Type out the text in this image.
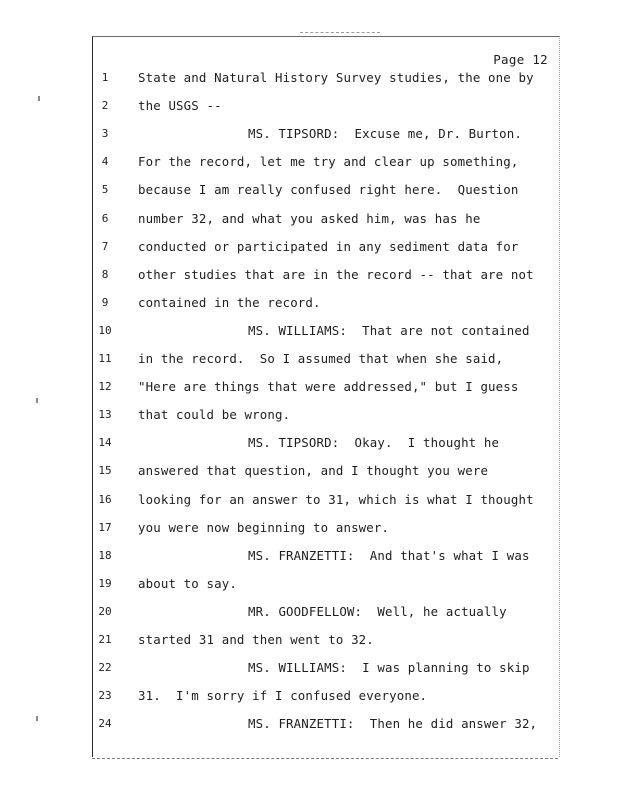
Page 12
1	State and Natural History Survey studies, the one by
2	the USGS --
3	MS. TIPSORD:  Excuse me, Dr. Burton.
4	For the record, let me try and clear up something,
5	because I am really confused right here.  Question
6	number 32, and what you asked him, was has he
7	conducted or participated in any sediment data for
8	other studies that are in the record -- that are not
9	contained in the record.
10	MS. WILLIAMS:  That are not contained
11 in the record.  So I assumed that when she said,
12 "Here are things that were addressed," but I guess
13 that could be wrong.
14	MS. TIPSORD:  Okay.  I thought he
15 answered that question, and I thought you were
16 looking for an answer to 31, which is what I thought
17 you were now beginning to answer.
18	MS. FRANZETTI:  And that's what I was
19 about to say.
20	MR. GOODFELLOW:  Well, he actually
21 started 31 and then went to 32.
22	MS. WILLIAMS:  I was planning to skip
23 31.  I'm sorry if I confused everyone.
24	MS. FRANZETTI:  Then he did answer 32,
